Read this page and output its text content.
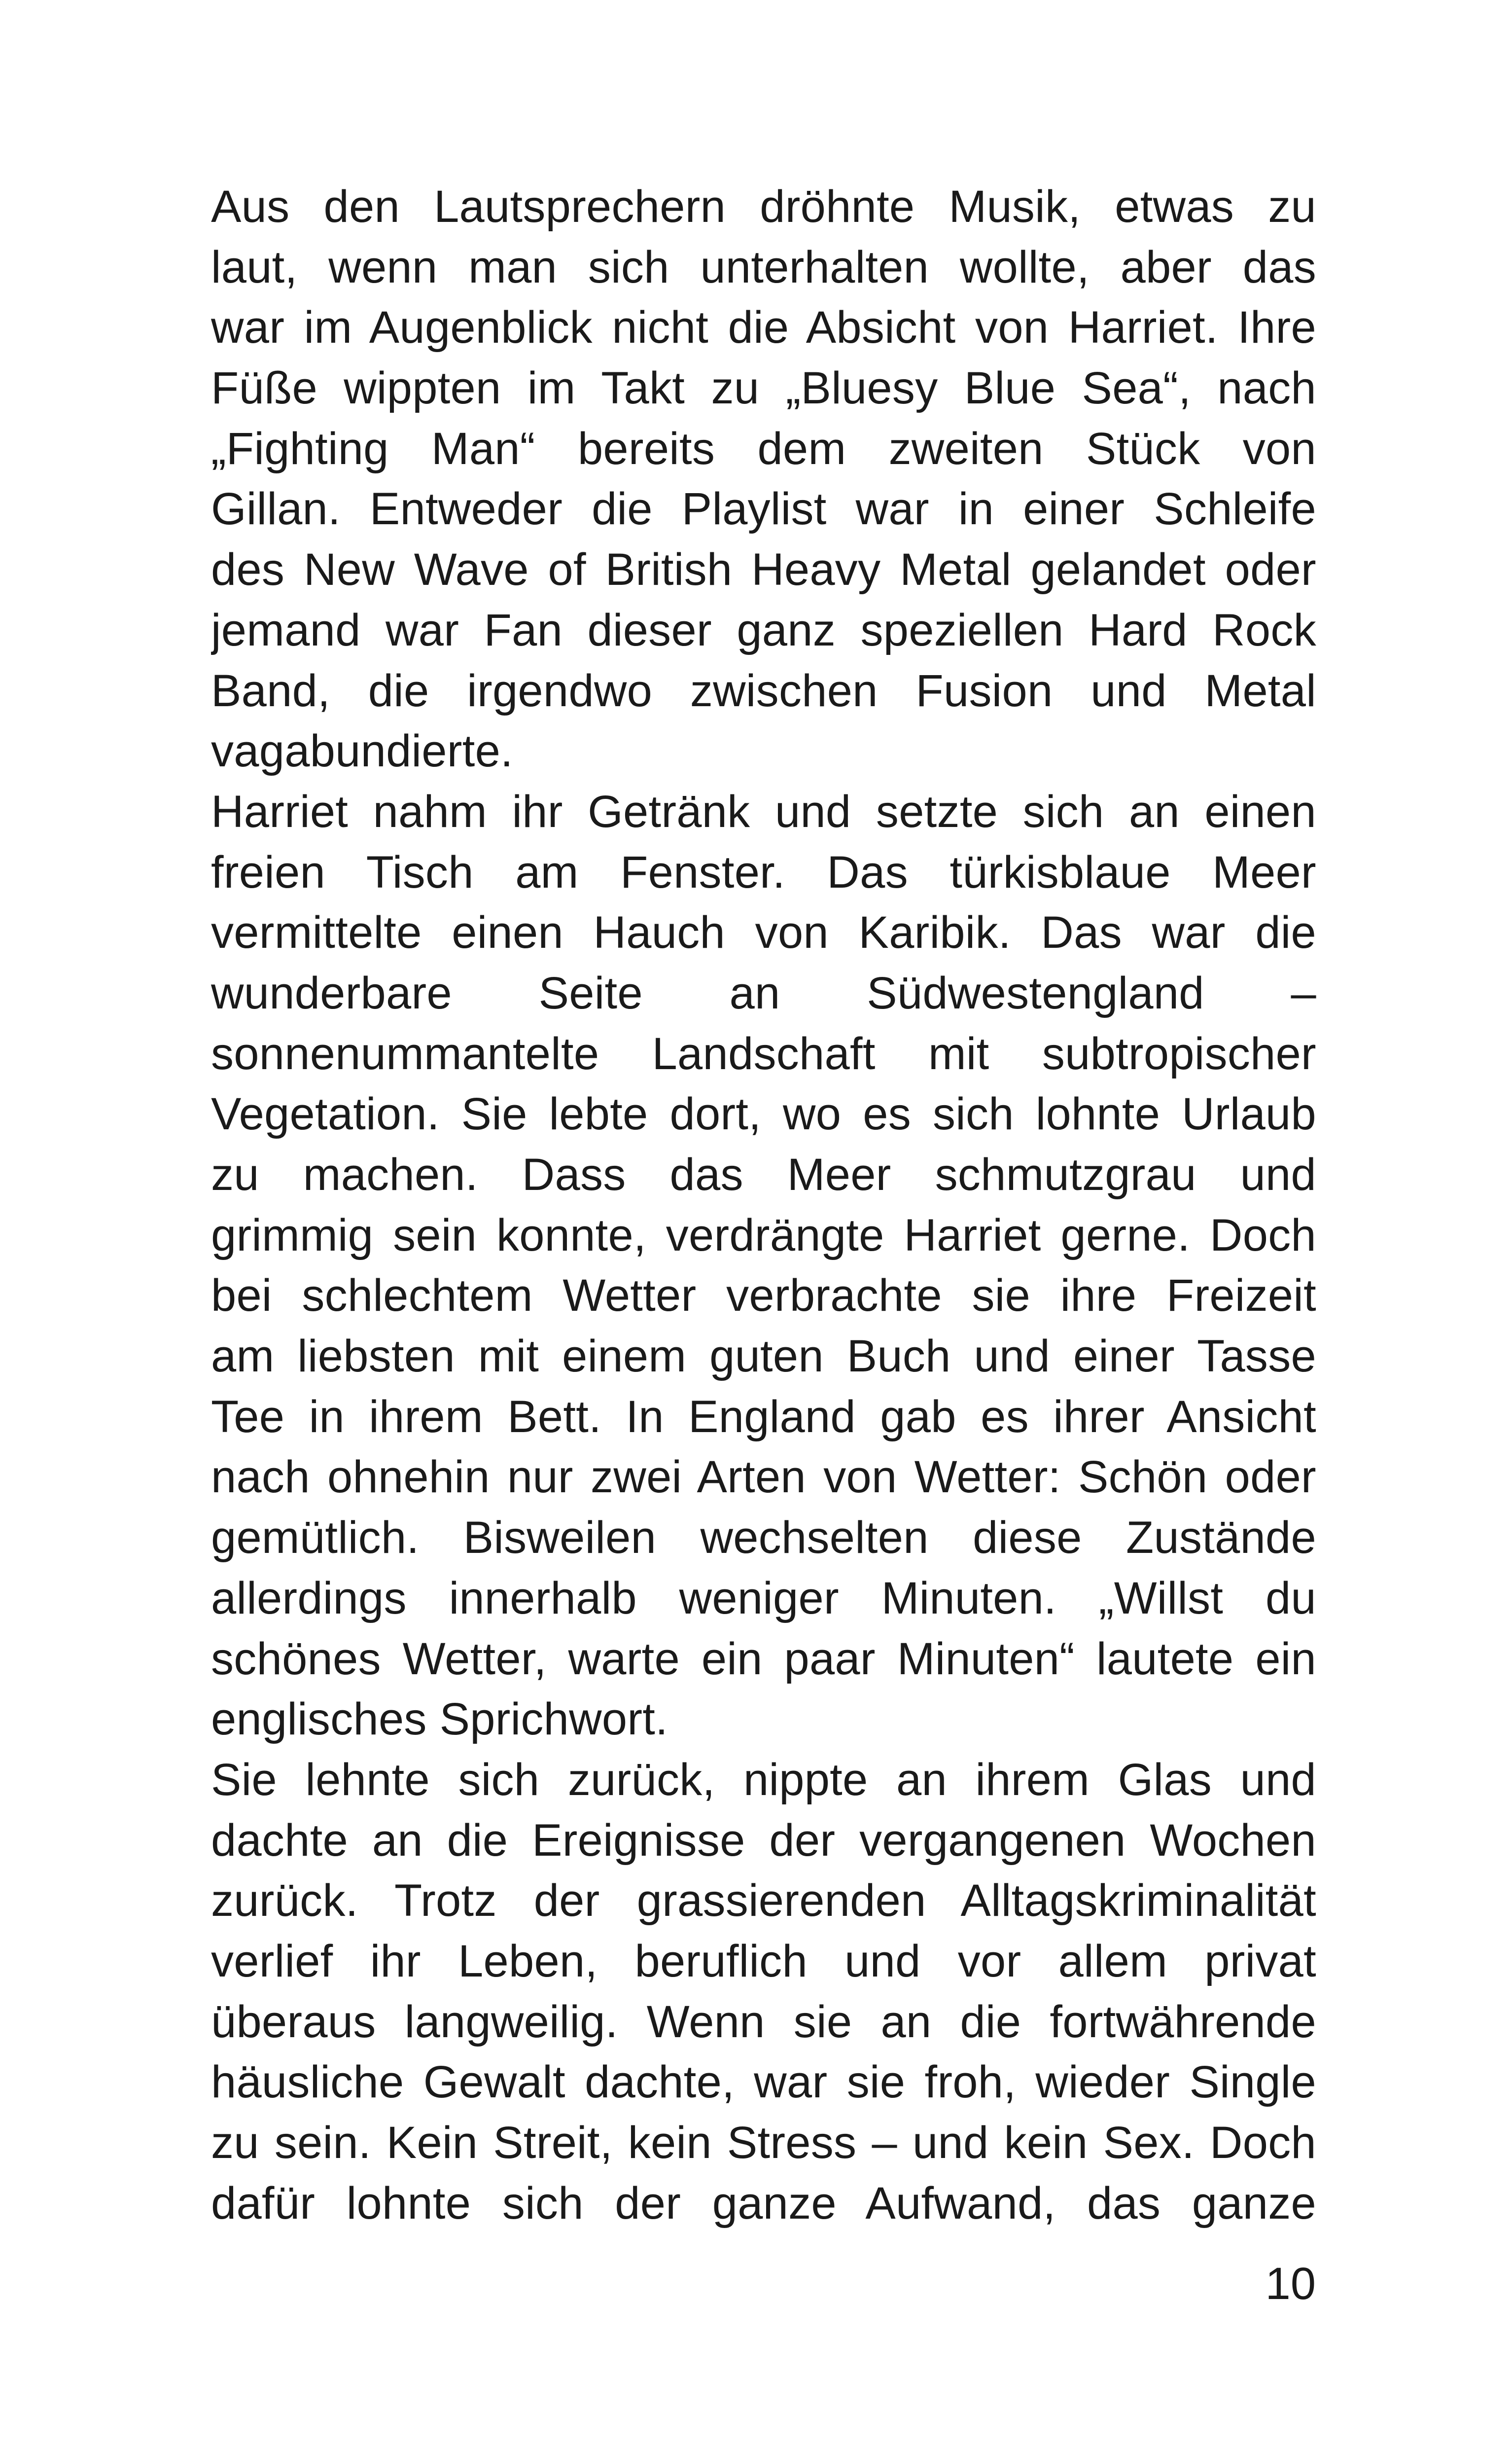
Aus den Lautsprechern dröhnte Musik, etwas zu
laut, wenn man sich unterhalten wollte, aber das
war im Augenblick nicht die Absicht von Harriet. Ihre
Füße wippten im Takt zu „Bluesy Blue Sea“, nach
„Fighting Man“ bereits dem zweiten Stück von
Gillan. Entweder die Playlist war in einer Schleife
des New Wave of British Heavy Metal gelandet oder
jemand war Fan dieser ganz speziellen Hard Rock
Band, die irgendwo zwischen Fusion und Metal
vagabundierte.
Harriet nahm ihr Getränk und setzte sich an einen
freien Tisch am Fenster. Das türkisblaue Meer
vermittelte einen Hauch von Karibik. Das war die
wunderbare Seite an Südwestengland –
sonnenummantelte Landschaft mit subtropischer
Vegetation. Sie lebte dort, wo es sich lohnte Urlaub
zu machen. Dass das Meer schmutzgrau und
grimmig sein konnte, verdrängte Harriet gerne. Doch
bei schlechtem Wetter verbrachte sie ihre Freizeit
am liebsten mit einem guten Buch und einer Tasse
Tee in ihrem Bett. In England gab es ihrer Ansicht
nach ohnehin nur zwei Arten von Wetter: Schön oder
gemütlich. Bisweilen wechselten diese Zustände
allerdings innerhalb weniger Minuten. „Willst du
schönes Wetter, warte ein paar Minuten“ lautete ein
englisches Sprichwort.
Sie lehnte sich zurück, nippte an ihrem Glas und
dachte an die Ereignisse der vergangenen Wochen
zurück. Trotz der grassierenden Alltagskriminalität
verlief ihr Leben, beruflich und vor allem privat
überaus langweilig. Wenn sie an die fortwährende
häusliche Gewalt dachte, war sie froh, wieder Single
zu sein. Kein Streit, kein Stress – und kein Sex. Doch
dafür lohnte sich der ganze Aufwand, das ganze
10
